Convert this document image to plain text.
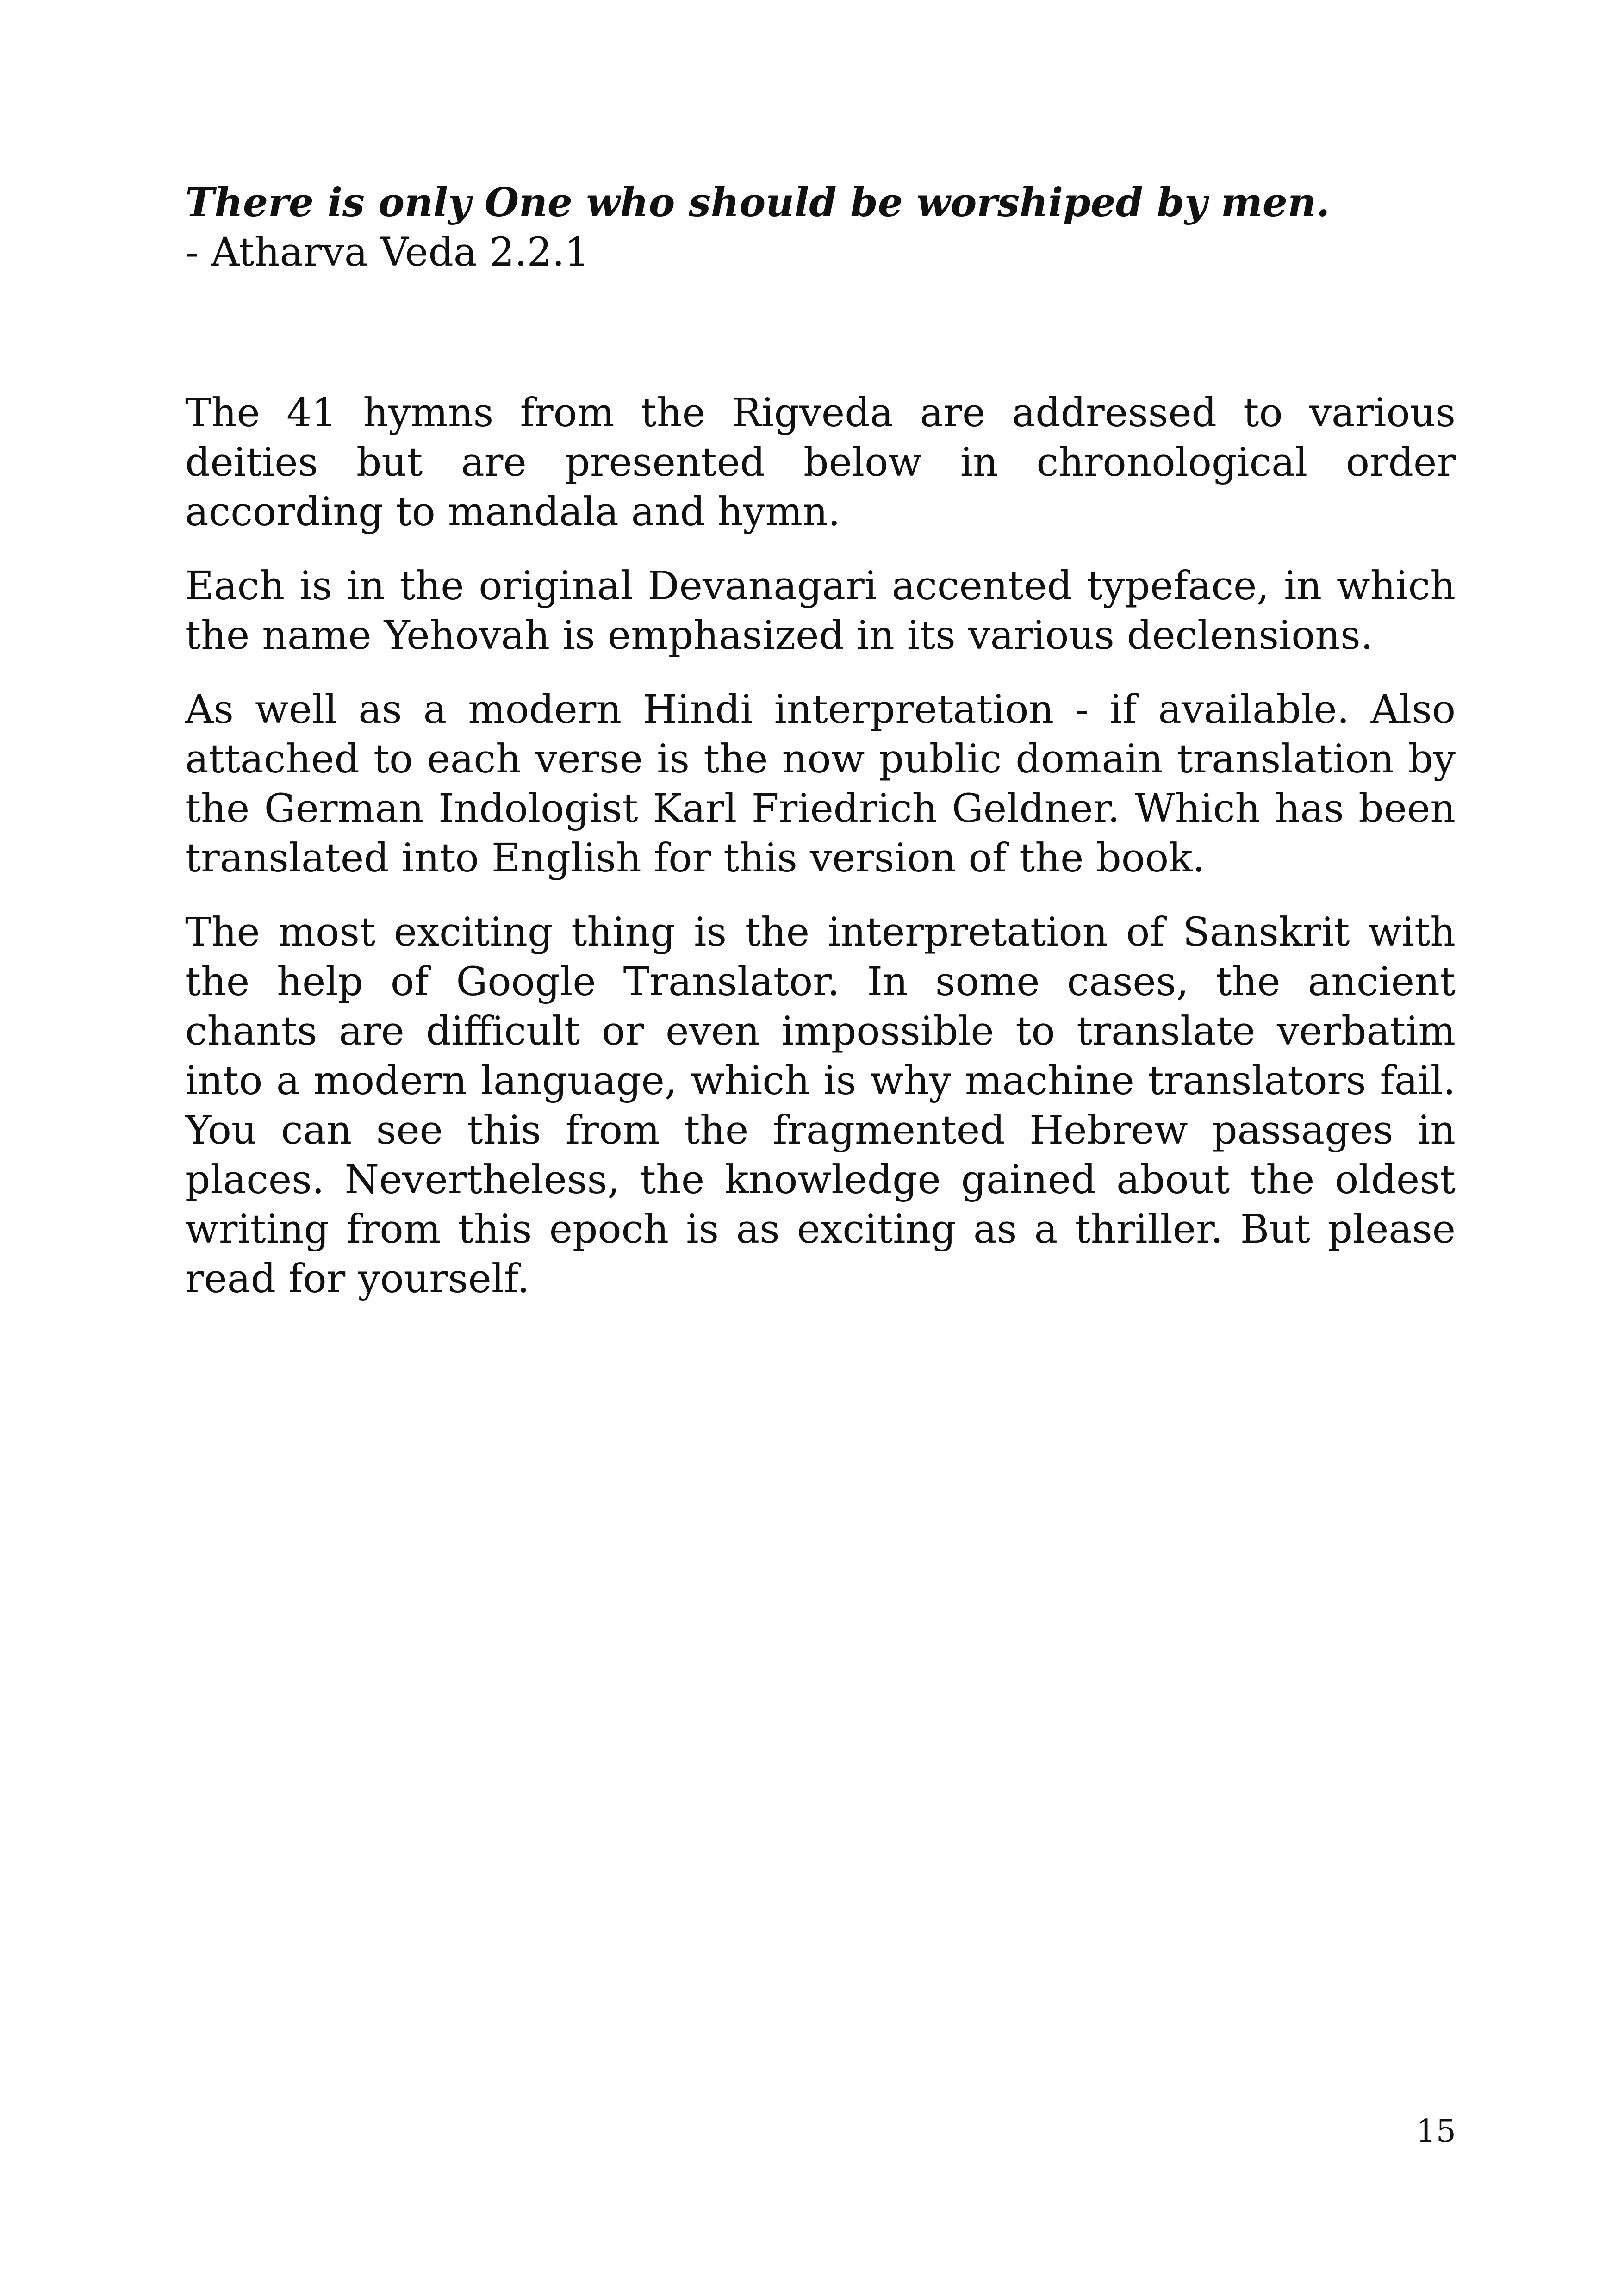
There is only One who should be worshiped by men.
- Atharva Veda 2.2.1

The 41 hymns from the Rigveda are addressed to various deities but are presented below in chronological order according to mandala and hymn.

Each is in the original Devanagari accented typeface, in which the name Yehovah is emphasized in its various declensions.

As well as a modern Hindi interpretation - if available. Also attached to each verse is the now public domain translation by the German Indologist Karl Friedrich Geldner. Which has been translated into English for this version of the book.

The most exciting thing is the interpretation of Sanskrit with the help of Google Translator. In some cases, the ancient chants are difficult or even impossible to translate verbatim into a modern language, which is why machine translators fail. You can see this from the fragmented Hebrew passages in places. Nevertheless, the knowledge gained about the oldest writing from this epoch is as exciting as a thriller. But please read for yourself.

15
